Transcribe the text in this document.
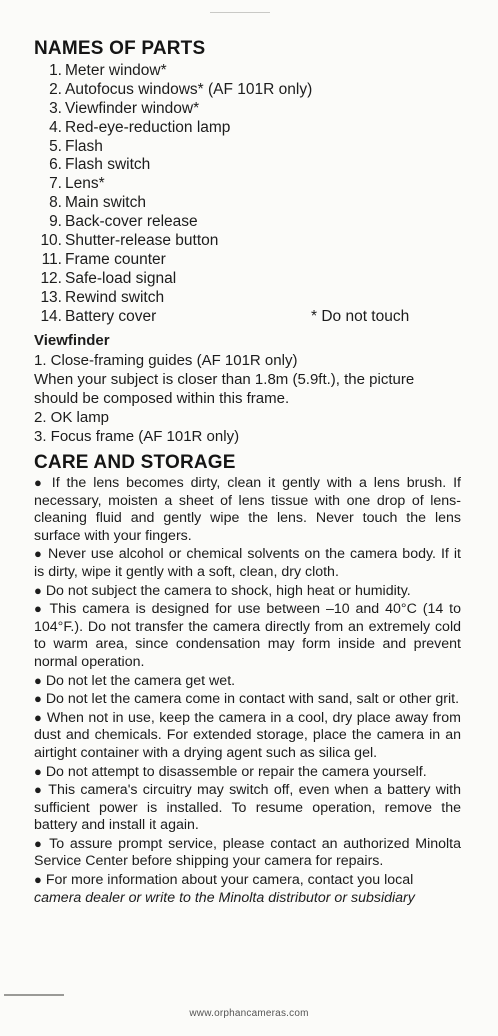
NAMES OF PARTS
1. Meter window*
2. Autofocus windows* (AF 101R only)
3. Viewfinder window*
4. Red-eye-reduction lamp
5. Flash
6. Flash switch
7. Lens*
8. Main switch
9. Back-cover release
10. Shutter-release button
11. Frame counter
12. Safe-load signal
13. Rewind switch
14. Battery cover	* Do not touch
Viewfinder
1. Close-framing guides (AF 101R only)
When your subject is closer than 1.8m (5.9ft.), the picture
should be composed within this frame.
2. OK lamp
3. Focus frame (AF 101R only)
CARE AND STORAGE

● If the lens becomes dirty, clean it gently with a lens brush. If necessary, moisten a sheet of lens tissue with one drop of lens-cleaning fluid and gently wipe the lens. Never touch the lens surface with your fingers.

● Never use alcohol or chemical solvents on the camera body. If it is dirty, wipe it gently with a soft, clean, dry cloth.

● Do not subject the camera to shock, high heat or humidity.

● This camera is designed for use between –10 and 40°C (14 to 104°F.). Do not transfer the camera directly from an extremely cold to warm area, since condensation may form inside and prevent normal operation.

● Do not let the camera get wet.

● Do not let the camera come in contact with sand, salt or other grit.

● When not in use, keep the camera in a cool, dry place away from dust and chemicals. For extended storage, place the camera in an airtight container with a drying agent such as silica gel.

● Do not attempt to disassemble or repair the camera yourself.

● This camera's circuitry may switch off, even when a battery with sufficient power is installed. To resume operation, remove the battery and install it again.

● To assure prompt service, please contact an authorized Minolta Service Center before shipping your camera for repairs.

● For more information about your camera, contact you local
camera dealer or write to the Minolta distributor or subsidiary

www.orphancameras.com
